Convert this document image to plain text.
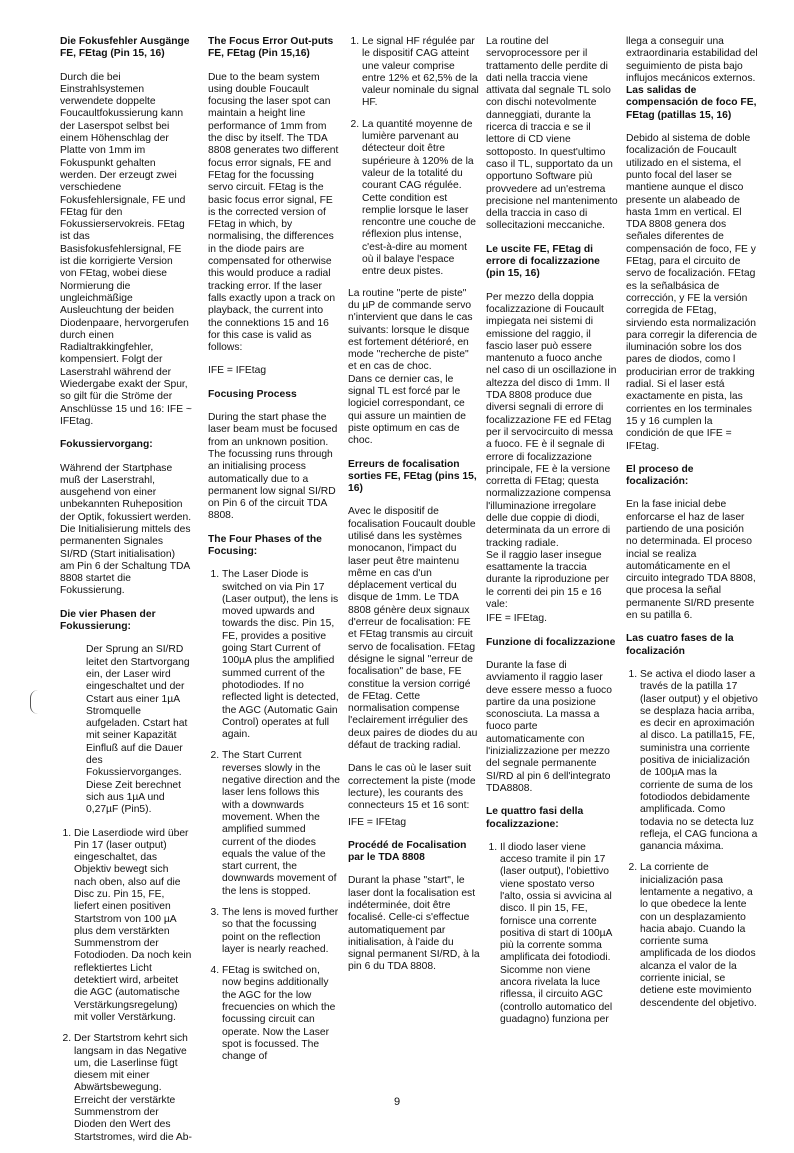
Die Fokusfehler Ausgänge FE, FEtag (Pin 15, 16)

Durch die bei Einstrahlsystemen verwendete doppelte Foucaultfokussierung kann der Laserspot selbst bei einem Höhenschlag der Platte von 1mm im Fokuspunkt gehalten werden. Der erzeugt zwei verschiedene Fokusfehlersignale, FE und FEtag für den Fokussierservokreis. FEtag ist das Basisfokusfehlersignal, FE ist die korrigierte Version von FEtag, wobei diese Normierung die ungleichmäßige Ausleuchtung der beiden Diodenpaare, hervorgerufen durch einen Radialtrakkingfehler, kompensiert. Folgt der Laserstrahl während der Wiedergabe exakt der Spur, so gilt für die Ströme der Anschlüsse 15 und 16: IFE ~ IFEtag.

Fokussiervorgang:

Während der Startphase muß der Laserstrahl, ausgehend von einer unbekannten Ruheposition der Optik, fokussiert werden. Die Initialisierung mittels des permanenten Signales SI/RD (Start initialisation) am Pin 6 der Schaltung TDA 8808 startet die Fokussierung.

Die vier Phasen der Fokussierung:

Der Sprung an SI/RD leitet den Startvorgang ein, der Laser wird eingeschaltet und der Cstart aus einer 1µA Stromquelle aufgeladen. Cstart hat mit seiner Kapazität Einfluß auf die Dauer des Fokussiervorganges. Diese Zeit berechnet sich aus 1µA und 0,27µF (Pin5).

1. Die Laserdiode wird über Pin 17 (laser output) eingeschaltet, das Objektiv bewegt sich nach oben, also auf die Disc zu. Pin 15, FE, liefert einen positiven Startstrom von 100 µA plus dem verstärkten Summenstrom der Fotodioden. Da noch kein reflektiertes Licht detektiert wird, arbeitet die AGC (automatische Verstärkungsregelung) mit voller Verstärkung.
2. Der Startstrom kehrt sich langsam in das Negative um, die Laserlinse fügt diesem mit einer Abwärtsbewegung. Erreicht der verstärkte Summenstrom der Dioden den Wert des Startstromes, wird die Ab-
The Focus Error Out-puts FE, FEtag (Pin 15,16)

Due to the beam system using double Foucault focusing the laser spot can maintain a height line performance of 1mm from the disc by itself. The TDA 8808 generates two different focus error signals, FE and FEtag for the focussing servo circuit. FEtag is the basic focus error signal, FE is the corrected version of FEtag in which, by normalising, the differences in the diode pairs are compensated for otherwise this would produce a radial tracking error. If the laser falls exactly upon a track on playback, the current into the connektions 15 and 16 for this case is valid as follows:

IFE = IFEtag

Focusing Process

During the start phase the laser beam must be focused from an unknown position. The focussing runs through an initialising process automatically due to a permanent low signal SI/RD on Pin 6 of the circuit TDA 8808.

The Four Phases of the Focusing:
1. The Laser Diode is switched on via Pin 17 (Laser output), the lens is moved upwards and towards the disc. Pin 15, FE, provides a positive going Start Current of 100µA plus the amplified summed current of the photodiodes. If no reflected light is detected, the AGC (Automatic Gain Control) operates at full again.
2. The Start Current reverses slowly in the negative direction and the laser lens follows this with a downwards movement. When the amplified summed current of the diodes equals the value of the start current, the downwards movement of the lens is stopped.
3. The lens is moved further so that the focussing point on the reflection layer is nearly reached.
4. FEtag is switched on, now begins additionally the AGC for the low frecuencies on which the focussing circuit can operate. Now the Laser spot is focussed. The change of
1. Le signal HF régulée par le dispositif CAG atteint une valeur comprise entre 12% et 62,5% de la valeur nominale du signal HF.
2. La quantité moyenne de lumière parvenant au détecteur doit être supérieure à 120% de la valeur de la totalité du courant CAG régulée. Cette condition est remplie lorsque le laser rencontre une couche de réflexion plus intense, c'est-à-dire au moment où il balaye l'espace entre deux pistes.

La routine "perte de piste" du µP de commande servo n'intervient que dans le cas suivants: lorsque le disque est fortement détérioré, en mode "recherche de piste" et en cas de choc.

Dans ce dernier cas, le signal TL est forcé par le logiciel correspondant, ce qui assure un maintien de piste optimum en cas de choc.

Erreurs de focalisation sorties FE, FEtag (pins 15, 16)

Avec le dispositif de focalisation Foucault double utilisé dans les systèmes monocanon, l'impact du laser peut être maintenu même en cas d'un déplacement vertical du disque de 1mm. Le TDA 8808 génère deux signaux d'erreur de focalisation: FE et FEtag transmis au circuit servo de focalisation. FEtag désigne le signal "erreur de focalisation" de base, FE constitue la version corrigé de FEtag. Cette normalisation compense l'eclairement irrégulier des deux paires de diodes du au défaut de tracking radial.

Dans le cas où le laser suit correctement la piste (mode lecture), les courants des connecteurs 15 et 16 sont:

IFE = IFEtag

Procédé de Focalisation par le TDA 8808

Durant la phase "start", le laser dont la focalisation est indéterminée, doit être focalisé. Celle-ci s'effectue automatiquement par initialisation, à l'aide du signal permanent SI/RD, à la pin 6 du TDA 8808.

La routine del servoprocessore per il trattamento delle perdite di dati nella traccia viene attivata dal segnale TL solo con dischi notevolmente danneggiati, durante la ricerca di traccia e se il lettore di CD viene sottoposto. In quest'ultimo caso il TL, supportato da un opportuno Software più provvedere ad un'estrema precisione nel mantenimento della traccia in caso di sollecitazioni meccaniche.

Le uscite FE, FEtag di errore di focalizzazione (pin 15, 16)

Per mezzo della doppia focalizzazione di Foucault impiegata nei sistemi di emissione del raggio, il fascio laser può essere mantenuto a fuoco anche nel caso di un oscillazione in altezza del disco di 1mm. Il TDA 8808 produce due diversi segnali di errore di focalizzazione FE ed FEtag per il servocircuito di messa a fuoco. FE è il segnale di errore di focalizzazione principale, FE è la versione corretta di FEtag; questa normalizzazione compensa l'illuminazione irregolare delle due coppie di diodi, determinata da un errore di tracking radiale.

Se il raggio laser insegue esattamente la traccia durante la riproduzione per le correnti dei pin 15 e 16 vale:

IFE = IFEtag.

Funzione di focalizzazione

Durante la fase di avviamento il raggio laser deve essere messo a fuoco partire da una posizione sconosciuta. La massa a fuoco parte automaticamente con l'inizializzazione per mezzo del segnale permanente SI/RD al pin 6 dell'integrato TDA8808.

Le quattro fasi della focalizzazione:
1. Il diodo laser viene acceso tramite il pin 17 (laser output), l'obiettivo viene spostato verso l'alto, ossia si avvicina al disco. Il pin 15, FE, fornisce una corrente positiva di start di 100µA più la corrente somma amplificata dei fotodiodi. Sicomme non viene ancora rivelata la luce riflessa, il circuito AGC (controllo automatico del guadagno) funziona per

llega a conseguir una extraordinaria estabilidad del seguimiento de pista bajo influjos mecánicos externos.

Las salidas de compensación de foco FE, FEtag (patillas 15, 16)

Debido al sistema de doble focalización de Foucault utilizado en el sistema, el punto focal del laser se mantiene aunque el disco presente un alabeado de hasta 1mm en vertical. El TDA 8808 genera dos señales diferentes de compensación de foco, FE y FEtag, para el circuito de servo de focalización. FEtag es la señalbásica de corrección, y FE la versión corregida de FEtag, sirviendo esta normalización para corregir la diferencia de iluminación sobre los dos pares de diodos, como l producirian error de trakking radial. Si el laser está exactamente en pista, las corrientes en los terminales 15 y 16 cumplen la condición de que IFE = IFEtag.

El proceso de focalización:

En la fase inicial debe enforcarse el haz de laser partiendo de una posición no determinada. El proceso incial se realiza automáticamente en el circuito integrado TDA 8808, que procesa la señal permanente SI/RD presente en su patilla 6.

Las cuatro fases de la focalización
1. Se activa el diodo laser a través de la patilla 17 (laser output) y el objetivo se desplaza hacia arriba, es decir en aproximación al disco. La patilla15, FE, suministra una corriente positiva de inicialización de 100µA mas la corriente de suma de los fotodiodos debidamente amplificada. Como todavia no se detecta luz refleja, el CAG funciona a ganancia máxima.
2. La corriente de inicialización pasa lentamente a negativo, a lo que obedece la lente con un desplazamiento hacia abajo. Cuando la corriente suma amplificada de los diodos alcanza el valor de la corriente inicial, se detiene este movimiento descendente del objetivo.
9
